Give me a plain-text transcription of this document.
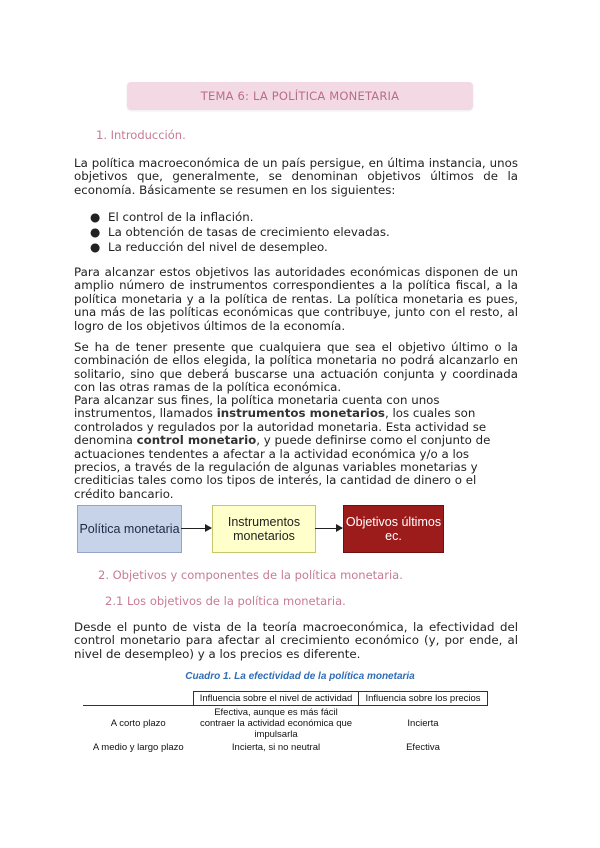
TEMA 6: LA POLÍTICA MONETARIA
1. Introducción.

La política macroeconómica de un país persigue, en última instancia, unos objetivos que, generalmente, se denominan objetivos últimos de la economía. Básicamente se resumen en los siguientes:

● El control de la inflación.
● La obtención de tasas de crecimiento elevadas.
● La reducción del nivel de desempleo.

Para alcanzar estos objetivos las autoridades económicas disponen de un amplio número de instrumentos correspondientes a la política fiscal, a la política monetaria y a la política de rentas. La política monetaria es pues, una más de las políticas económicas que contribuye, junto con el resto, al logro de los objetivos últimos de la economía.

Se ha de tener presente que cualquiera que sea el objetivo último o la combinación de ellos elegida, la política monetaria no podrá alcanzarlo en solitario, sino que deberá buscarse una actuación conjunta y coordinada con las otras ramas de la política económica.

Para alcanzar sus fines, la política monetaria cuenta con unos instrumentos, llamados instrumentos monetarios, los cuales son controlados y regulados por la autoridad monetaria. Esta actividad se denomina control monetario, y puede definirse como el conjunto de actuaciones tendentes a afectar a la actividad económica y/o a los precios, a través de la regulación de algunas variables monetarias y crediticias tales como los tipos de interés, la cantidad de dinero o el crédito bancario.

Política monetaria	Instrumentos monetarios
Objetivos últimos ec.
2. Objetivos y componentes de la política monetaria.
2.1 Los objetivos de la política monetaria.

Desde el punto de vista de la teoría macroeconómica, la efectividad del control monetario para afectar al crecimiento económico (y, por ende, al nivel de desempleo) y a los precios es diferente.

Cuadro 1. La efectividad de la política monetaria
	Influencia sobre el nivel de actividad	Influencia sobre los precios
A corto plazo	Efectiva, aunque es más fácil contraer la actividad económica que impulsarla	Incierta
A medio y largo plazo	Incierta, si no neutral	Efectiva
